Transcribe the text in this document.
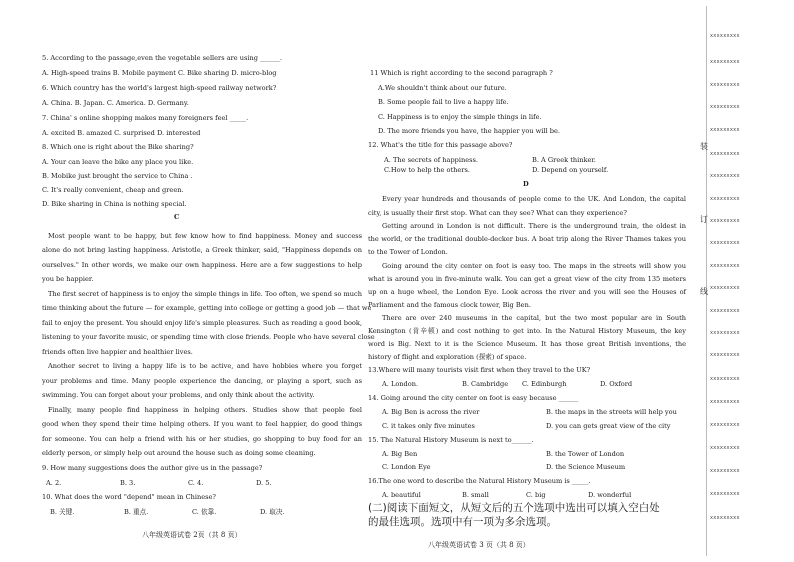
5. According to the passage,even the vegetable sellers are using ______.
A. High-speed trains B. Mobile payment C. Bike sharing D. micro-blog
6. Which country has the world's largest high-speed railway network?
A. China. B. Japan. C. America. D. Germany.
7. China' s online shopping makes many foreigners feel _____.
A. excited B. amazed C. surprised D. interested
8. Which one is right about the Bike sharing?
A. Your can leave the bike any place you like.
B. Mobike just brought the service to China .
C. It's really convenient, cheap and green.
D. Bike sharing in China is nothing special.
C
Most people want to be happy, but few know how to find happiness. Money and success
alone do not bring lasting happiness. Aristotle, a Greek thinker, said, "Happiness depends on
ourselves." In other words, we make our own happiness. Here are a few suggestions to help
you be happier.
The first secret of happiness is to enjoy the simple things in life. Too often, we spend so much
time thinking about the future — for example, getting into college or getting a good job — that we
fail to enjoy the present. You should enjoy life's simple pleasures. Such as reading a good book,
listening to your favorite music, or spending time with close friends. People who have several close
friends often live happier and healthier lives.
Another secret to living a happy life is to be active, and have hobbies where you forget
your problems and time. Many people experience the dancing, or playing a sport, such as
swimming. You can forget about your problems, and only think about the activity.
Finally, many people find happiness in helping others. Studies show that people feel
good when they spend their time helping others. If you want to feel happier, do good things
for someone. You can help a friend with his or her studies, go shopping to buy food for an
elderly person, or simply help out around the house such as doing some cleaning.
9. How many suggestions does the author give us in the passage?
A. 2.	B. 3.	C. 4.	D. 5.
10. What does the word "depend" mean in Chinese?
B. 关键.	B. 重点.	C. 依靠.	D. 取决.
八年级英语试卷 2页（共 8 页）
11 Which is right according to the second paragraph ?
A.We shouldn't think about our future.
B. Some people fail to live a happy life.
C. Happiness is to enjoy the simple things in life.
D. The more friends you have, the happier you will be.
12. What's the title for this passage above?
A. The secrets of happiness.	B. A Greek thinker.
C.How to help the others.	D. Depend on yourself.
D
Every year hundreds and thousands of people come to the UK. And London, the capital
city, is usually their first stop. What can they see? What can they experience?
Getting around in London is not difficult. There is the underground train, the oldest in
the world, or the traditional double-decker bus. A boat trip along the River Thames takes you
to the Tower of London.
Going around the city center on foot is easy too. The maps in the streets will show you
what is around you in five-minute walk. You can get a great view of the city from 135 meters
up on a huge wheel, the London Eye. Look across the river and you will see the Houses of
Parliament and the famous clock tower, Big Ben.
There are over 240 museums in the capital, but the two most popular are in South
Kensington (肯辛顿) and cost nothing to get into. In the Natural History Museum, the key
word is Big. Next to it is the Science Museum. It has those great British inventions, the
history of flight and exploration (探索) of space.
13.Where will many tourists visit first when they travel to the UK?
A. London.	B. Cambridge C. Edinburgh	D. Oxford
14. Going around the city center on foot is easy because ______
A. Big Ben is across the river	B. the maps in the streets will help you
C. it takes only five minutes	D. you can gets great view of the city
15. The Natural History Museum is next to______.
A. Big Ben	B. the Tower of London
C. London Eye	D. the Science Museum
16.The one word to describe the Natural History Museum is _____.
A. beautiful	B. small	C. big	D. wonderful
(二)阅读下面短文，从短文后的五个选项中选出可以填入空白处
的最佳选项。选项中有一项为多余选项。
八年级英语试卷 3 页（共 8 页）
xxxxxxxxx
xxxxxxxxx
xxxxxxxxx
xxxxxxxxx
xxxxxxxxx
装
xxxxxxxxx
xxxxxxxxx
xxxxxxxxx
订 xxxxxxxxx
xxxxxxxxx
xxxxxxxxx
线 xxxxxxxxx
xxxxxxxxx
xxxxxxxxx
xxxxxxxxx
xxxxxxxxx
xxxxxxxxx
xxxxxxxxx
xxxxxxxxx
xxxxxxxxx
xxxxxxxxx
xxxxxxxxx
